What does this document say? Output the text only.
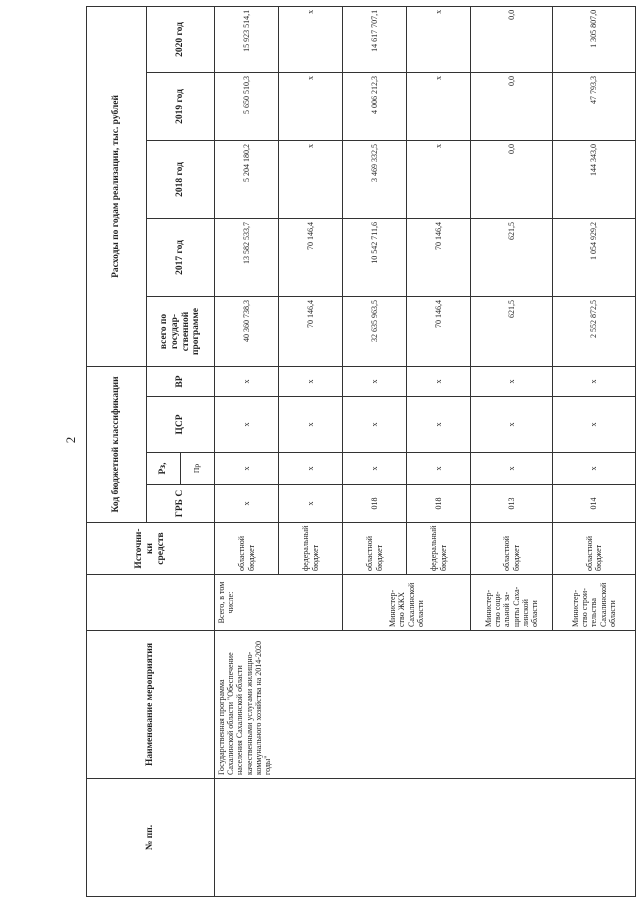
2
№ пп.	Наименование мероприятия		Источни-ки средств	Код бюджетной классификации				Расходы по годам реализации, тыс. рублей				
				ГРБ С	Рз,	ЦСР	ВР	всего по государ-ственной программе	2017 год	2018 год	2019 год	2020 год
					Пр							
	Государственная программа Сахалинской области "Обеспечение населения Сахалинской области качественными услугами жилищно-коммунального хозяйства на 2014-2020 годы"	Всего, в том числе:	областной бюджет	x	x	x	x	40 360 738,3	13 582 533,7	5 204 180,2	5 650 510,3	15 923 514,1
			федеральный бюджет	x	x	x	x	70 146,4	70 146,4	x	x	x
		Министер-ство ЖКХ Сахалинской области	областной бюджет	018	x	x	x	32 635 963,5	10 542 711,6	3 469 332,5	4 006 212,3	14 617 707,1
			федеральный бюджет	018	x	x	x	70 146,4	70 146,4	x	x	x
		Министер-ство соци-альной за-щиты Саха-линской области	областной бюджет	013	x	x	x	621,5	621,5	0,0	0,0	0,0
		Министер-ство строи-тельства Сахалинской области	областной бюджет	014	x	x	x	2 552 872,5	1 054 929,2	144 343,0	47 793,3	1 305 807,0
